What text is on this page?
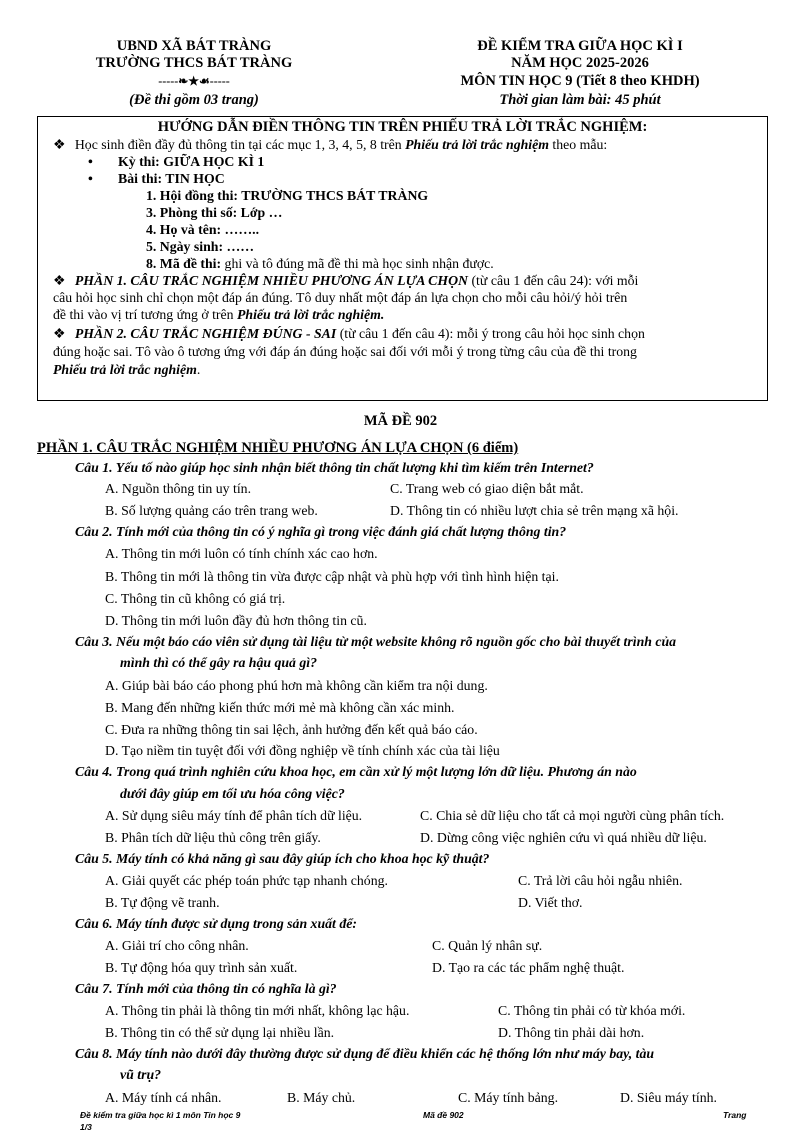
UBND XÃ BÁT TRÀNG
TRƯỜNG THCS BÁT TRÀNG
-----❧★☙-----
(Đề thi gồm 03 trang)
ĐỀ KIỂM TRA GIỮA HỌC KÌ I
NĂM HỌC 2025-2026
MÔN TIN HỌC 9 (Tiết 8 theo KHDH)
Thời gian làm bài: 45 phút
HƯỚNG DẪN ĐIỀN THÔNG TIN TRÊN PHIẾU TRẢ LỜI TRẮC NGHIỆM:
❖ Học sinh điền đầy đủ thông tin tại các mục 1, 3, 4, 5, 8 trên Phiếu trả lời trắc nghiệm theo mẫu:
• Kỳ thi: GIỮA HỌC KÌ 1
• Bài thi: TIN HỌC
1. Hội đồng thi: TRƯỜNG THCS BÁT TRÀNG
3. Phòng thi số: Lớp …
4. Họ và tên: ……..
5. Ngày sinh: ……
8. Mã đề thi: ghi và tô đúng mã đề thi mà học sinh nhận được.
❖ PHẦN 1. CÂU TRẮC NGHIỆM NHIỀU PHƯƠNG ÁN LỰA CHỌN (từ câu 1 đến câu 24): với mỗi
câu hỏi học sinh chỉ chọn một đáp án đúng. Tô duy nhất một đáp án lựa chọn cho mỗi câu hỏi/ý hỏi trên
đề thi vào vị trí tương ứng ở trên Phiếu trả lời trắc nghiệm.
❖ PHẦN 2. CÂU TRẮC NGHIỆM ĐÚNG - SAI (từ câu 1 đến câu 4): mỗi ý trong câu hỏi học sinh chọn
đúng hoặc sai. Tô vào ô tương ứng với đáp án đúng hoặc sai đối với mỗi ý trong từng câu của đề thi trong
Phiếu trả lời trắc nghiệm.
MÃ ĐỀ 902
PHẦN 1. CÂU TRẮC NGHIỆM NHIỀU PHƯƠNG ÁN LỰA CHỌN (6 điểm)
Câu 1. Yếu tố nào giúp học sinh nhận biết thông tin chất lượng khi tìm kiếm trên Internet?
A. Nguồn thông tin uy tín.	C. Trang web có giao diện bắt mắt.
B. Số lượng quảng cáo trên trang web.	D. Thông tin có nhiều lượt chia sẻ trên mạng xã hội.
Câu 2. Tính mới của thông tin có ý nghĩa gì trong việc đánh giá chất lượng thông tin?
A. Thông tin mới luôn có tính chính xác cao hơn.
B. Thông tin mới là thông tin vừa được cập nhật và phù hợp với tình hình hiện tại.
C. Thông tin cũ không có giá trị.
D. Thông tin mới luôn đầy đủ hơn thông tin cũ.
Câu 3. Nếu một báo cáo viên sử dụng tài liệu từ một website không rõ nguồn gốc cho bài thuyết trình của
mình thì có thể gây ra hậu quả gì?
A. Giúp bài báo cáo phong phú hơn mà không cần kiểm tra nội dung.
B. Mang đến những kiến thức mới mẻ mà không cần xác minh.
C. Đưa ra những thông tin sai lệch, ảnh hưởng đến kết quả báo cáo.
D. Tạo niềm tin tuyệt đối với đồng nghiệp về tính chính xác của tài liệu
Câu 4. Trong quá trình nghiên cứu khoa học, em cần xử lý một lượng lớn dữ liệu. Phương án nào
dưới đây giúp em tối ưu hóa công việc?
A. Sử dụng siêu máy tính để phân tích dữ liệu.	C. Chia sẻ dữ liệu cho tất cả mọi người cùng phân tích.
B. Phân tích dữ liệu thủ công trên giấy.	D. Dừng công việc nghiên cứu vì quá nhiều dữ liệu.
Câu 5. Máy tính có khả năng gì sau đây giúp ích cho khoa học kỹ thuật?
A. Giải quyết các phép toán phức tạp nhanh chóng.	C. Trả lời câu hỏi ngẫu nhiên.
B. Tự động vẽ tranh.	D. Viết thơ.
Câu 6. Máy tính được sử dụng trong sản xuất để:
A. Giải trí cho công nhân.	C. Quản lý nhân sự.
B. Tự động hóa quy trình sản xuất.	D. Tạo ra các tác phẩm nghệ thuật.
Câu 7. Tính mới của thông tin có nghĩa là gì?
A. Thông tin phải là thông tin mới nhất, không lạc hậu.	C. Thông tin phải có từ khóa mới.
B. Thông tin có thể sử dụng lại nhiều lần.	D. Thông tin phải dài hơn.
Câu 8. Máy tính nào dưới đây thường được sử dụng để điều khiển các hệ thống lớn như máy bay, tàu
vũ trụ?
A. Máy tính cá nhân.	B. Máy chủ.	C. Máy tính bảng.	D. Siêu máy tính.
Đề kiểm tra giữa học kì 1 môn Tin học 9	Mã đề 902	Trang
1/3
